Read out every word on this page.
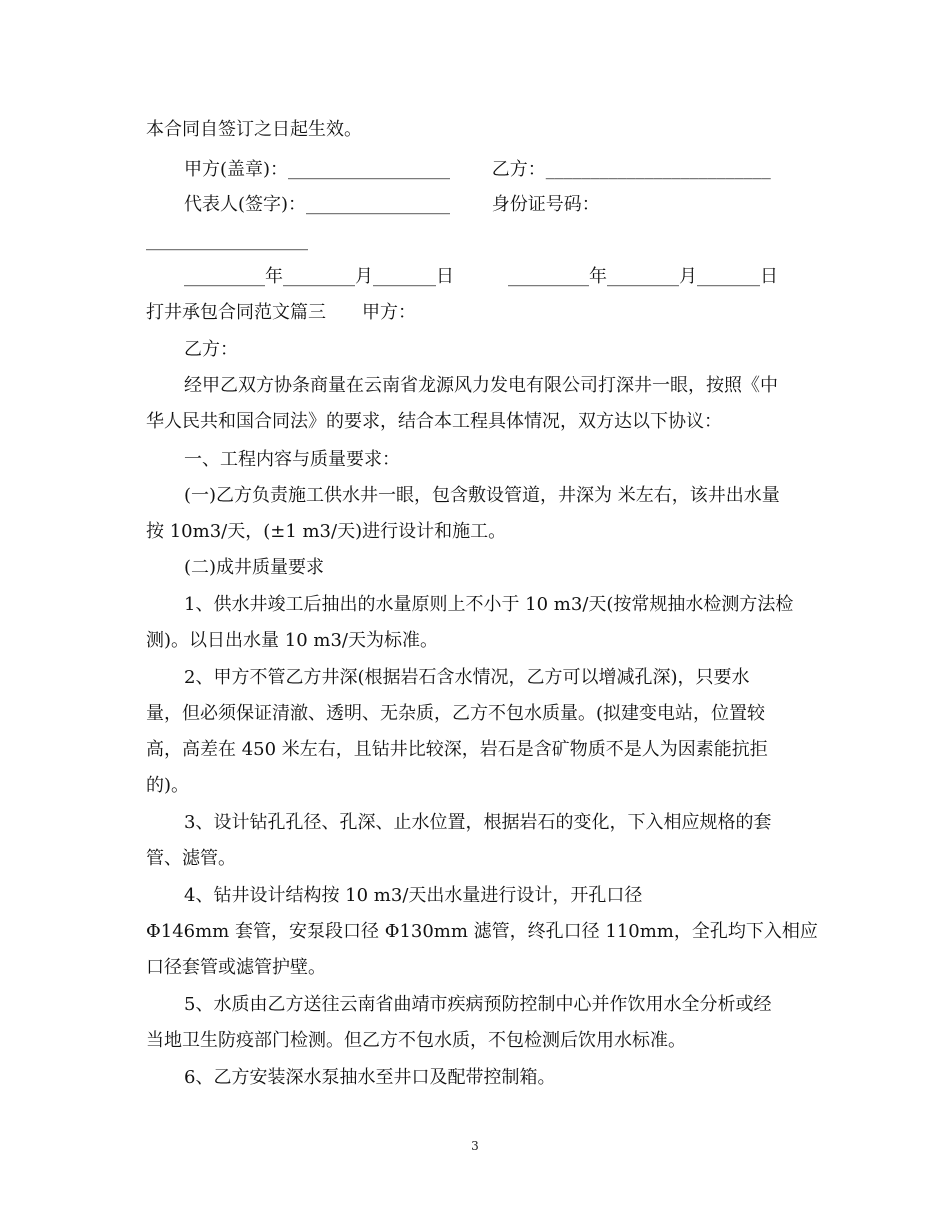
本合同自签订之日起生效。
甲方(盖章)：__________________　　 乙方：_________________________
代表人(签字)：________________　　 身份证号码：
__________________
_________年________月_______日　　　_________年________月_______日
打井承包合同范文篇三　　甲方：
乙方：
经甲乙双方协条商量在云南省龙源风力发电有限公司打深井一眼，按照《中
华人民共和国合同法》的要求，结合本工程具体情况，双方达以下协议：
一、工程内容与质量要求：
(一)乙方负责施工供水井一眼，包含敷设管道，井深为 米左右，该井出水量
按 10m3/天，(±1 m3/天)进行设计和施工。
(二)成井质量要求
1、供水井竣工后抽出的水量原则上不小于 10 m3/天(按常规抽水检测方法检
测)。以日出水量 10 m3/天为标准。
2、甲方不管乙方井深(根据岩石含水情况，乙方可以增减孔深)，只要水
量，但必须保证清澈、透明、无杂质，乙方不包水质量。(拟建变电站，位置较
高，高差在 450 米左右，且钻井比较深，岩石是含矿物质不是人为因素能抗拒
的)。
3、设计钻孔孔径、孔深、止水位置，根据岩石的变化，下入相应规格的套
管、滤管。
4、钻井设计结构按 10 m3/天出水量进行设计，开孔口径
Φ146mm 套管，安泵段口径 Φ130mm 滤管，终孔口径 110mm，全孔均下入相应
口径套管或滤管护壁。
5、水质由乙方送往云南省曲靖市疾病预防控制中心并作饮用水全分析或经
当地卫生防疫部门检测。但乙方不包水质，不包检测后饮用水标准。
6、乙方安装深水泵抽水至井口及配带控制箱。
3
